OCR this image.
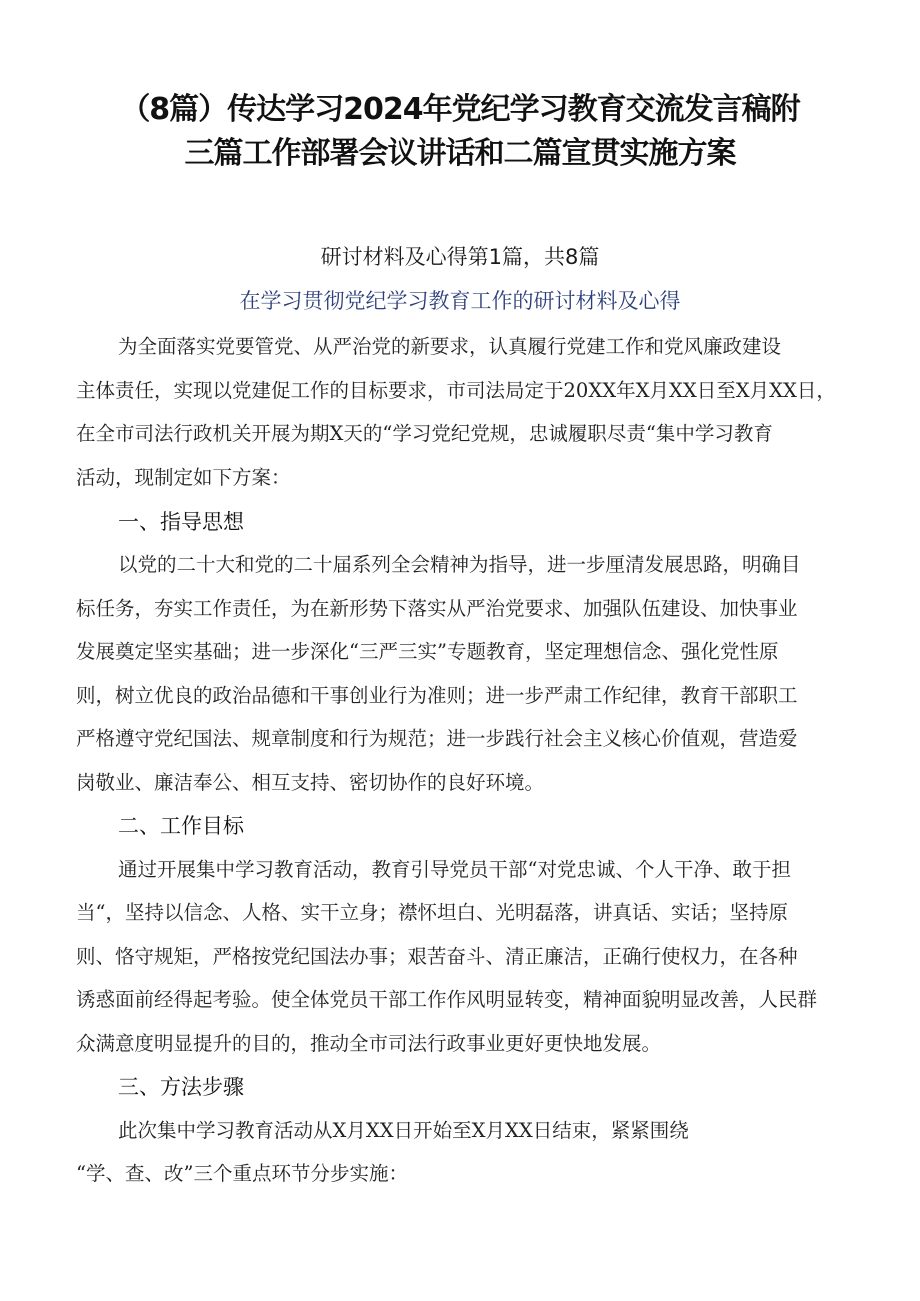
（8篇）传达学习2024年党纪学习教育交流发言稿附
三篇工作部署会议讲话和二篇宣贯实施方案
研讨材料及心得第1篇，共8篇
在学习贯彻党纪学习教育工作的研讨材料及心得
为全面落实党要管党、从严治党的新要求，认真履行党建工作和党风廉政建设
主体责任，实现以党建促工作的目标要求，市司法局定于20XX年X月XX日至X月XX日，
在全市司法行政机关开展为期X天的“学习党纪党规，忠诚履职尽责“集中学习教育
活动，现制定如下方案：
一、指导思想
以党的二十大和党的二十届系列全会精神为指导，进一步厘清发展思路，明确目
标任务，夯实工作责任，为在新形势下落实从严治党要求、加强队伍建设、加快事业
发展奠定坚实基础；进一步深化“三严三实”专题教育，坚定理想信念、强化党性原
则，树立优良的政治品德和干事创业行为准则；进一步严肃工作纪律，教育干部职工
严格遵守党纪国法、规章制度和行为规范；进一步践行社会主义核心价值观，营造爱
岗敬业、廉洁奉公、相互支持、密切协作的良好环境。
二、工作目标
通过开展集中学习教育活动，教育引导党员干部“对党忠诚、个人干净、敢于担
当“，坚持以信念、人格、实干立身；襟怀坦白、光明磊落，讲真话、实话；坚持原
则、恪守规矩，严格按党纪国法办事；艰苦奋斗、清正廉洁，正确行使权力，在各种
诱惑面前经得起考验。使全体党员干部工作作风明显转变，精神面貌明显改善，人民群
众满意度明显提升的目的，推动全市司法行政事业更好更快地发展。
三、方法步骤
此次集中学习教育活动从X月XX日开始至X月XX日结束，紧紧围绕
“学、查、改”三个重点环节分步实施：
